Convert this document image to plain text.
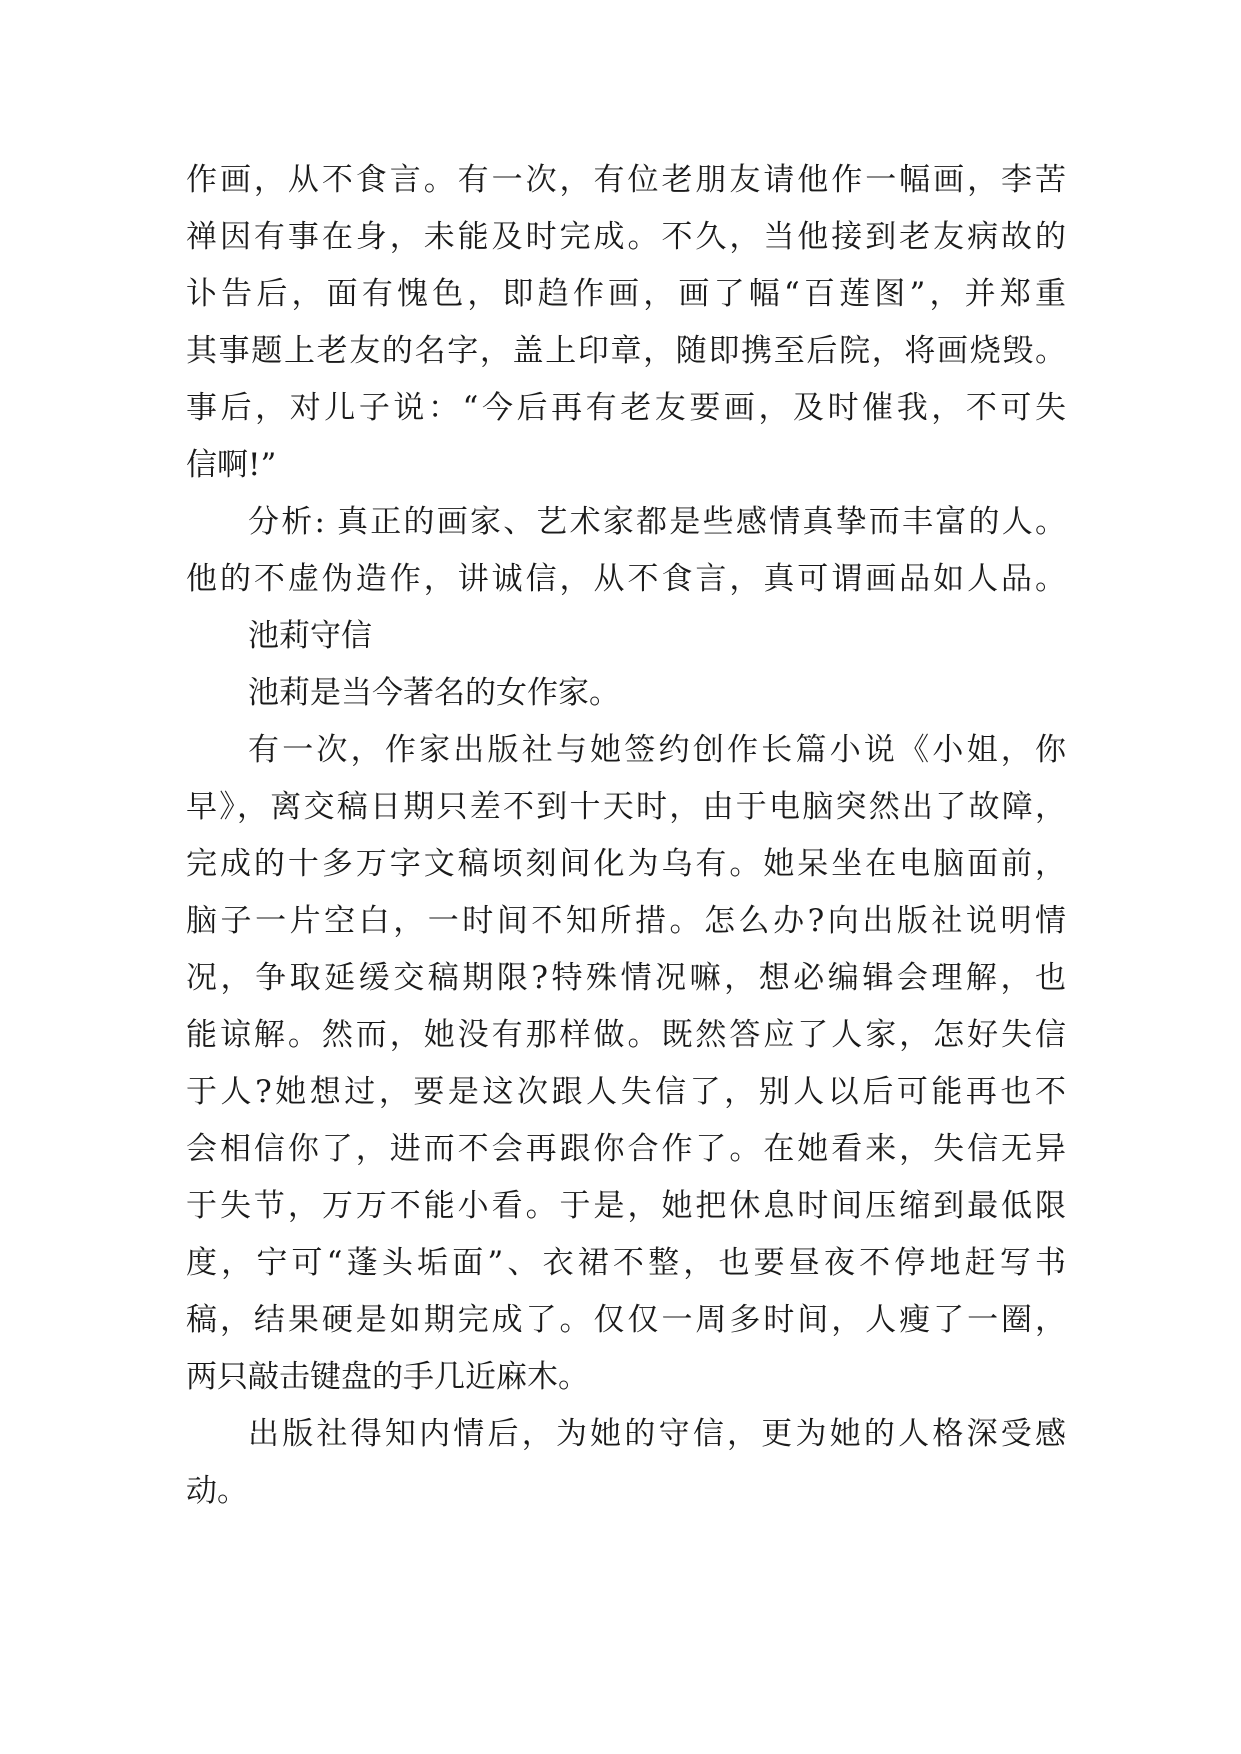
作画，从不食言。有一次，有位老朋友请他作一幅画，李苦
禅因有事在身，未能及时完成。不久，当他接到老友病故的
讣告后，面有愧色，即趋作画，画了幅“百莲图”，并郑重
其事题上老友的名字，盖上印章，随即携至后院，将画烧毁。
事后，对儿子说：“今后再有老友要画，及时催我，不可失
信啊!”
分析: 真正的画家、艺术家都是些感情真挚而丰富的人。
他的不虚伪造作，讲诚信，从不食言，真可谓画品如人品。
池莉守信
池莉是当今著名的女作家。
有一次，作家出版社与她签约创作长篇小说《小姐，你
早》，离交稿日期只差不到十天时，由于电脑突然出了故障，
完成的十多万字文稿顷刻间化为乌有。她呆坐在电脑面前，
脑子一片空白，一时间不知所措。怎么办?向出版社说明情
况，争取延缓交稿期限?特殊情况嘛，想必编辑会理解，也
能谅解。然而，她没有那样做。既然答应了人家，怎好失信
于人?她想过，要是这次跟人失信了，别人以后可能再也不
会相信你了，进而不会再跟你合作了。在她看来，失信无异
于失节，万万不能小看。于是，她把休息时间压缩到最低限
度，宁可“蓬头垢面”、衣裙不整，也要昼夜不停地赶写书
稿，结果硬是如期完成了。仅仅一周多时间，人瘦了一圈，
两只敲击键盘的手几近麻木。
出版社得知内情后，为她的守信，更为她的人格深受感
动。
